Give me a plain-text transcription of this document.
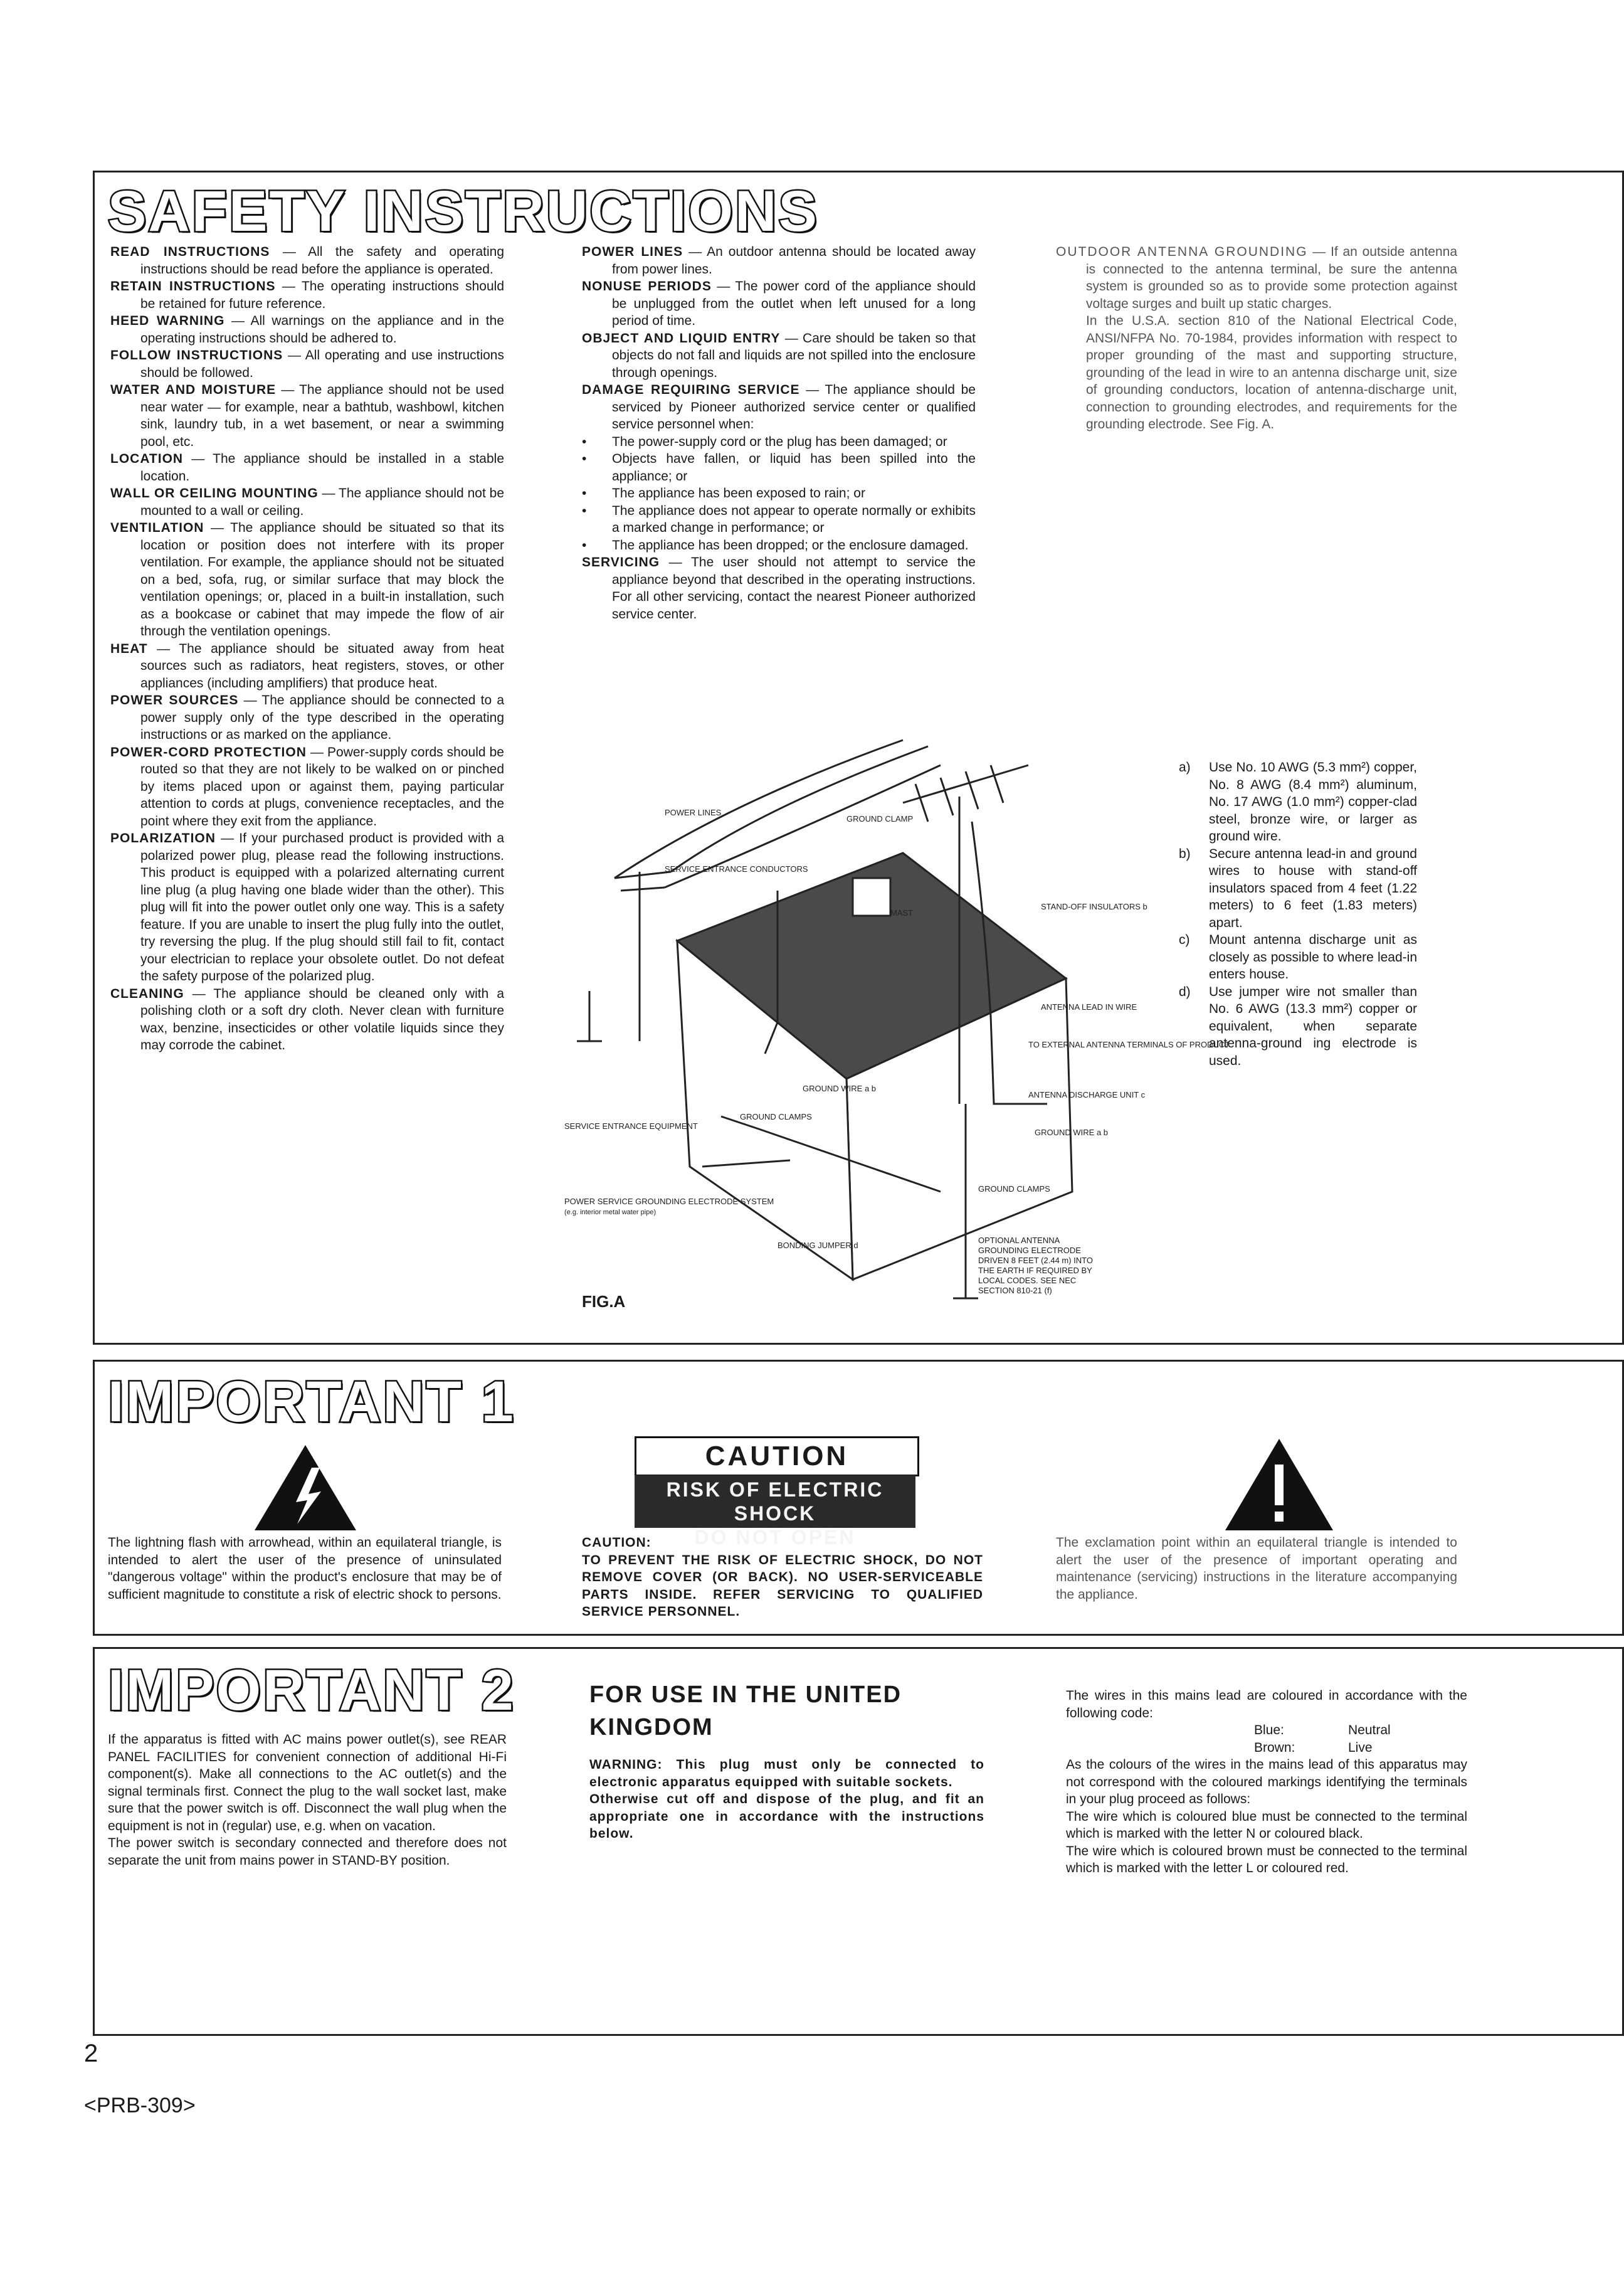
SAFETY INSTRUCTIONS
READ INSTRUCTIONS — All the safety and operating instructions should be read before the appliance is operated.
RETAIN INSTRUCTIONS — The operating instructions should be retained for future reference.
HEED WARNING — All warnings on the appliance and in the operating instructions should be adhered to.
FOLLOW INSTRUCTIONS — All operating and use instructions should be followed.
WATER AND MOISTURE — The appliance should not be used near water — for example, near a bathtub, washbowl, kitchen sink, laundry tub, in a wet basement, or near a swimming pool, etc.
LOCATION — The appliance should be installed in a stable location.
WALL OR CEILING MOUNTING — The appliance should not be mounted to a wall or ceiling.
VENTILATION — The appliance should be situated so that its location or position does not interfere with its proper ventilation. For example, the appliance should not be situated on a bed, sofa, rug, or similar surface that may block the ventilation openings; or, placed in a built-in installation, such as a bookcase or cabinet that may impede the flow of air through the ventilation openings.
HEAT — The appliance should be situated away from heat sources such as radiators, heat registers, stoves, or other appliances (including amplifiers) that produce heat.
POWER SOURCES — The appliance should be connected to a power supply only of the type described in the operating instructions or as marked on the appliance.
POWER-CORD PROTECTION — Power-supply cords should be routed so that they are not likely to be walked on or pinched by items placed upon or against them, paying particular attention to cords at plugs, convenience receptacles, and the point where they exit from the appliance.
POLARIZATION — If your purchased product is provided with a polarized power plug, please read the following instructions. This product is equipped with a polarized alternating current line plug (a plug having one blade wider than the other). This plug will fit into the power outlet only one way. This is a safety feature. If you are unable to insert the plug fully into the outlet, try reversing the plug. If the plug should still fail to fit, contact your electrician to replace your obsolete outlet. Do not defeat the safety purpose of the polarized plug.
CLEANING — The appliance should be cleaned only with a polishing cloth or a soft dry cloth. Never clean with furniture wax, benzine, insecticides or other volatile liquids since they may corrode the cabinet.
POWER LINES — An outdoor antenna should be located away from power lines.
NONUSE PERIODS — The power cord of the appliance should be unplugged from the outlet when left unused for a long period of time.
OBJECT AND LIQUID ENTRY — Care should be taken so that objects do not fall and liquids are not spilled into the enclosure through openings.
DAMAGE REQUIRING SERVICE — The appliance should be serviced by Pioneer authorized service center or qualified service personnel when:
• The power-supply cord or the plug has been damaged; or
• Objects have fallen, or liquid has been spilled into the appliance; or
• The appliance has been exposed to rain; or
• The appliance does not appear to operate normally or exhibits a marked change in performance; or
• The appliance has been dropped; or the enclosure damaged.
SERVICING — The user should not attempt to service the appliance beyond that described in the operating instructions. For all other servicing, contact the nearest Pioneer authorized service center.
OUTDOOR ANTENNA GROUNDING — If an outside antenna is connected to the antenna terminal, be sure the antenna system is grounded so as to provide some protection against voltage surges and built up static charges.
In the U.S.A. section 810 of the National Electrical Code, ANSI/NFPA No. 70-1984, provides information with respect to proper grounding of the mast and supporting structure, grounding of the lead in wire to an antenna discharge unit, size of grounding conductors, location of antenna-discharge unit, connection to grounding electrodes, and requirements for the grounding electrode. See Fig. A.
a) Use No. 10 AWG (5.3 mm²) copper, No. 8 AWG (8.4 mm²) aluminum, No. 17 AWG (1.0 mm²) copper-clad steel, bronze wire, or larger as ground wire.
b) Secure antenna lead-in and ground wires to house with stand-off insulators spaced from 4 feet (1.22 meters) to 6 feet (1.83 meters) apart.
c) Mount antenna discharge unit as closely as possible to where lead-in enters house.
d) Use jumper wire not smaller than No. 6 AWG (13.3 mm²) copper or equivalent, when separate antenna-ground ing electrode is used.
POWER LINES
GROUND CLAMP
SERVICE ENTRANCE CONDUCTORS
MAST
STAND-OFF INSULATORS b
ANTENNA LEAD IN WIRE
TO EXTERNAL ANTENNA TERMINALS OF PRODUCT
GROUND WIRE a b
ANTENNA DISCHARGE UNIT c
GROUND CLAMPS
GROUND WIRE a b
SERVICE ENTRANCE EQUIPMENT
GROUND CLAMPS
POWER SERVICE GROUNDING ELECTRODE SYSTEM
(e.g. interior metal water pipe)
BONDING JUMPER d
OPTIONAL ANTENNA GROUNDING ELECTRODE DRIVEN 8 FEET (2.44 m) INTO THE EARTH IF REQUIRED BY LOCAL CODES. SEE NEC SECTION 810-21 (f)
FIG.A
IMPORTANT 1
The lightning flash with arrowhead, within an equilateral triangle, is intended to alert the user of the presence of uninsulated "dangerous voltage" within the product's enclosure that may be of sufficient magnitude to constitute a risk of electric shock to persons.
CAUTION
RISK OF ELECTRIC SHOCK
DO NOT OPEN
CAUTION:
TO PREVENT THE RISK OF ELECTRIC SHOCK, DO NOT REMOVE COVER (OR BACK). NO USER-SERVICEABLE PARTS INSIDE. REFER SERVICING TO QUALIFIED SERVICE PERSONNEL.
The exclamation point within an equilateral triangle is intended to alert the user of the presence of important operating and maintenance (servicing) instructions in the literature accompanying the appliance.
IMPORTANT 2

If the apparatus is fitted with AC mains power outlet(s), see REAR PANEL FACILITIES for convenient connection of additional Hi-Fi component(s). Make all connections to the AC outlet(s) and the signal terminals first. Connect the plug to the wall socket last, make sure that the power switch is off. Disconnect the wall plug when the equipment is not in (regular) use, e.g. when on vacation.

The power switch is secondary connected and therefore does not separate the unit from mains power in STAND-BY position.

FOR USE IN THE UNITED KINGDOM

WARNING: This plug must only be connected to electronic apparatus equipped with suitable sockets.

Otherwise cut off and dispose of the plug, and fit an appropriate one in accordance with the instructions below.

The wires in this mains lead are coloured in accordance with the following code:

Blue:	Neutral
Brown:	Live

As the colours of the wires in the mains lead of this apparatus may not correspond with the coloured markings identifying the terminals in your plug proceed as follows:

The wire which is coloured blue must be connected to the terminal which is marked with the letter N or coloured black.

The wire which is coloured brown must be connected to the terminal which is marked with the letter L or coloured red.

2
<PRB-309>
